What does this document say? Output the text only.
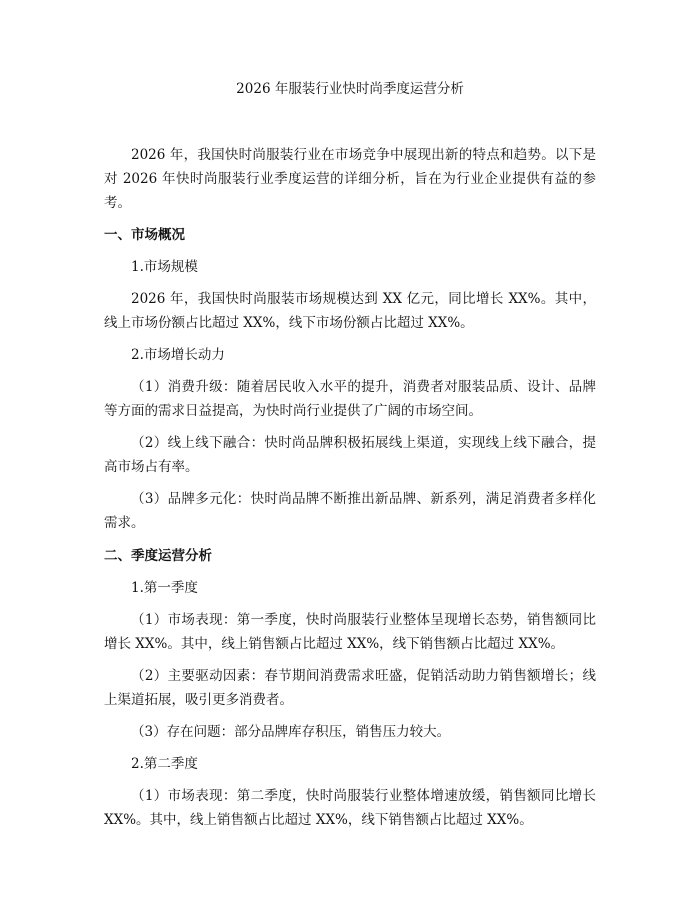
2026 年服装行业快时尚季度运营分析

2026 年，我国快时尚服装行业在市场竞争中展现出新的特点和趋势。以下是对 2026 年快时尚服装行业季度运营的详细分析，旨在为行业企业提供有益的参考。

一、市场概况

1.市场规模

2026 年，我国快时尚服装市场规模达到 XX 亿元，同比增长 XX%。其中，线上市场份额占比超过 XX%，线下市场份额占比超过 XX%。

2.市场增长动力

（1）消费升级：随着居民收入水平的提升，消费者对服装品质、设计、品牌等方面的需求日益提高，为快时尚行业提供了广阔的市场空间。

（2）线上线下融合：快时尚品牌积极拓展线上渠道，实现线上线下融合，提高市场占有率。

（3）品牌多元化：快时尚品牌不断推出新品牌、新系列，满足消费者多样化需求。

二、季度运营分析

1.第一季度

（1）市场表现：第一季度，快时尚服装行业整体呈现增长态势，销售额同比增长 XX%。其中，线上销售额占比超过 XX%，线下销售额占比超过 XX%。

（2）主要驱动因素：春节期间消费需求旺盛，促销活动助力销售额增长；线上渠道拓展，吸引更多消费者。

（3）存在问题：部分品牌库存积压，销售压力较大。

2.第二季度

（1）市场表现：第二季度，快时尚服装行业整体增速放缓，销售额同比增长 XX%。其中，线上销售额占比超过 XX%，线下销售额占比超过 XX%。
